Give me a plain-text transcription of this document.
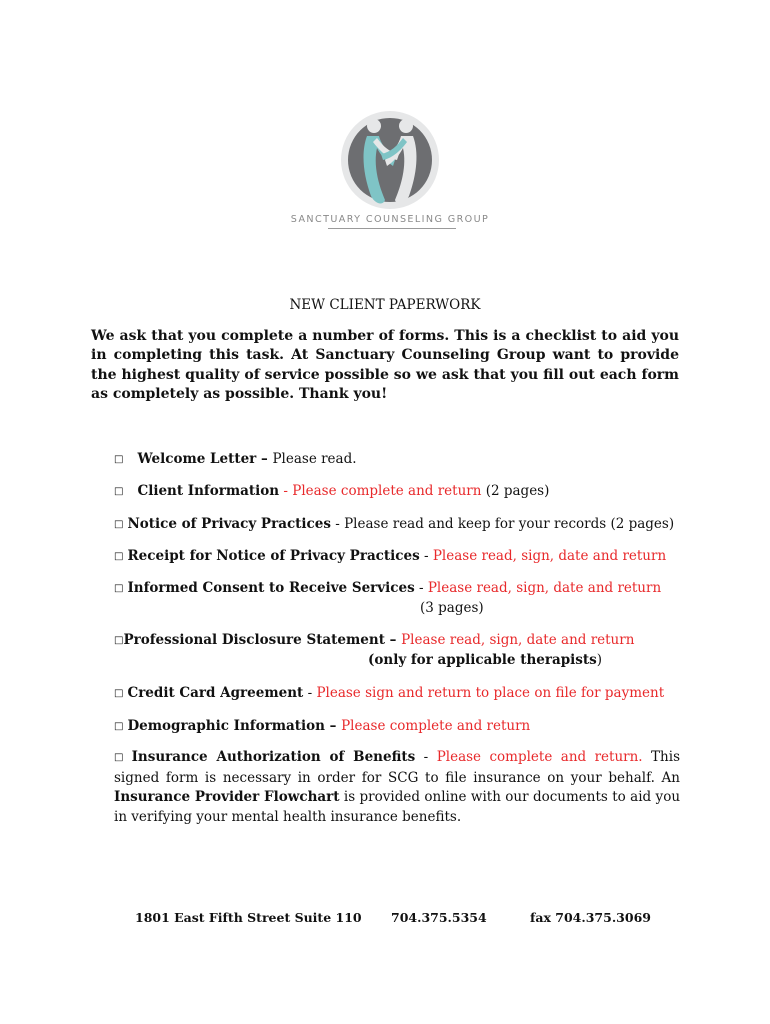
SANCTUARY COUNSELING GROUP
NEW CLIENT PAPERWORK
We ask that you complete a number of forms. This is a checklist to aid you in completing this task. At Sanctuary Counseling Group want to provide the highest quality of service possible so we ask that you fill out each form as completely as possible. Thank you!
□ Welcome Letter – Please read.
□ Client Information - Please complete and return (2 pages)
□ Notice of Privacy Practices - Please read and keep for your records (2 pages)
□ Receipt for Notice of Privacy Practices - Please read, sign, date and return
□ Informed Consent to Receive Services - Please read, sign, date and return
(3 pages)
□Professional Disclosure Statement – Please read, sign, date and return
(only for applicable therapists)
□ Credit Card Agreement - Please sign and return to place on file for payment
□ Demographic Information – Please complete and return
□ Insurance Authorization of Benefits - Please complete and return. This signed form is necessary in order for SCG to file insurance on your behalf. An Insurance Provider Flowchart is provided online with our documents to aid you in verifying your mental health insurance benefits.
1801 East Fifth Street Suite 110 704.375.5354	fax 704.375.3069
